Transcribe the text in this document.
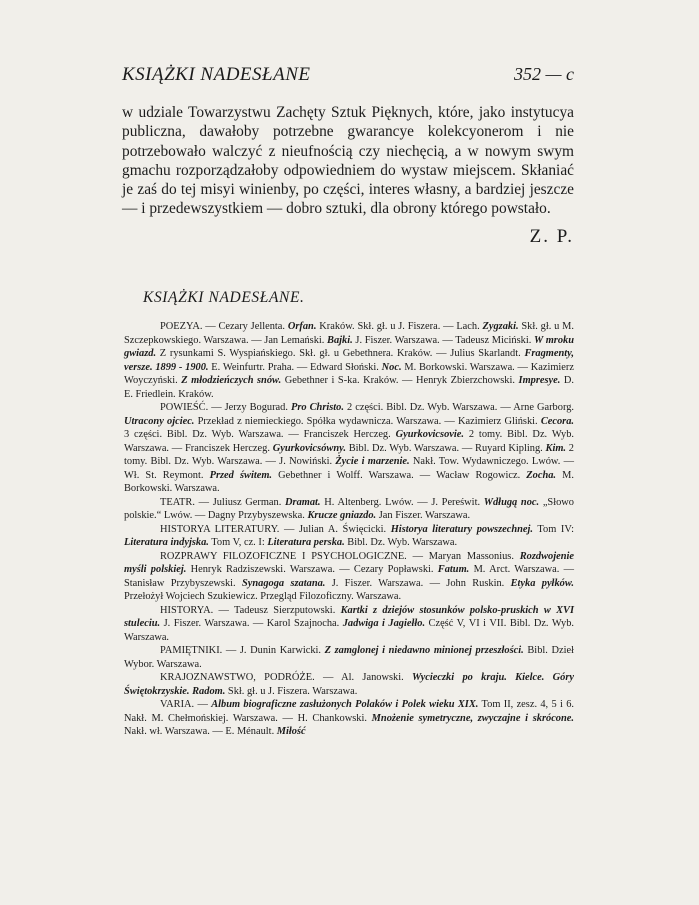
KSIĄŻKI NADESŁANE	352 — c

w udziale Towarzystwu Zachęty Sztuk Pięknych, które, jako instytucya publiczna, dawałoby potrzebne gwarancye kolekcyonerom i nie potrzebowało walczyć z nieufnością czy niechęcią, a w nowym swym gmachu rozporządzałoby odpowiedniem do wystaw miejscem. Skłaniać je zaś do tej misyi winienby, po części, interes własny, a bardziej jeszcze — i przedewszystkiem — dobro sztuki, dla obrony którego powstało.

Z. P.
KSIĄŻKI NADESŁANE.

POEZYA. — Cezary Jellenta. Orfan. Kraków. Skł. gł. u J. Fiszera. — Lach. Zygzaki. Skł. gł. u M. Szczepkowskiego. Warszawa. — Jan Lemański. Bajki. J. Fiszer. Warszawa. — Tadeusz Miciński. W mroku gwiazd. Z rysunkami S. Wyspiańskiego. Skł. gł. u Gebethnera. Kraków. — Julius Skarlandt. Fragmenty, versze. 1899 - 1900. E. Weinfurtr. Praha. — Edward Słoński. Noc. M. Borkowski. Warszawa. — Kazimierz Woyczyński. Z młodzieńczych snów. Gebethner i S-ka. Kraków. — Henryk Zbierzchowski. Impresye. D. E. Friedlein. Kraków.

POWIEŚĆ. — Jerzy Bogurad. Pro Christo. 2 części. Bibl. Dz. Wyb. Warszawa. — Arne Garborg. Utracony ojciec. Przekład z niemieckiego. Spółka wydawnicza. Warszawa. — Kazimierz Gliński. Cecora. 3 części. Bibl. Dz. Wyb. Warszawa. — Franciszek Herczeg. Gyurkovicsovie. 2 tomy. Bibl. Dz. Wyb. Warszawa. — Franciszek Herczeg. Gyurkovicsówny. Bibl. Dz. Wyb. Warszawa. — Ruyard Kipling. Kim. 2 tomy. Bibl. Dz. Wyb. Warszawa. — J. Nowiński. Życie i marzenie. Nakł. Tow. Wydawniczego. Lwów. — Wł. St. Reymont. Przed świtem. Gebethner i Wolff. Warszawa. — Wacław Rogowicz. Zocha. M. Borkowski. Warszawa.

TEATR. — Juliusz German. Dramat. H. Altenberg. Lwów. — J. Pereświt. Wdługą noc. „Słowo polskie.“ Lwów. — Dagny Przybyszewska. Krucze gniazdo. Jan Fiszer. Warszawa.

HISTORYA LITERATURY. — Julian A. Święcicki. Historya literatury powszechnej. Tom IV: Literatura indyjska. Tom V, cz. I: Literatura perska. Bibl. Dz. Wyb. Warszawa.

ROZPRAWY FILOZOFICZNE I PSYCHOLOGICZNE. — Maryan Massonius. Rozdwojenie myśli polskiej. Henryk Radziszewski. Warszawa. — Cezary Popławski. Fatum. M. Arct. Warszawa. — Stanisław Przybyszewski. Synagoga szatana. J. Fiszer. Warszawa. — John Ruskin. Etyka pyłków. Przełożył Wojciech Szukiewicz. Przegląd Filozoficzny. Warszawa.

HISTORYA. — Tadeusz Sierzputowski. Kartki z dziejów stosunków polsko-pruskich w XVI stuleciu. J. Fiszer. Warszawa. — Karol Szajnocha. Jadwiga i Jagiełło. Część V, VI i VII. Bibl. Dz. Wyb. Warszawa.

PAMIĘTNIKI. — J. Dunin Karwicki. Z zamglonej i niedawno minionej przeszłości. Bibl. Dzieł Wybor. Warszawa.

KRAJOZNAWSTWO, PODRÓŻE. — Al. Janowski. Wycieczki po kraju. Kielce. Góry Świętokrzyskie. Radom. Skł. gł. u J. Fiszera. Warszawa.

VARIA. — Album biograficzne zasłużonych Polaków i Polek wieku XIX. Tom II, zesz. 4, 5 i 6. Nakł. M. Chełmońskiej. Warszawa. — H. Chankowski. Mnożenie symetryczne, zwyczajne i skrócone. Nakł. wł. Warszawa. — E. Ménault. Miłość
